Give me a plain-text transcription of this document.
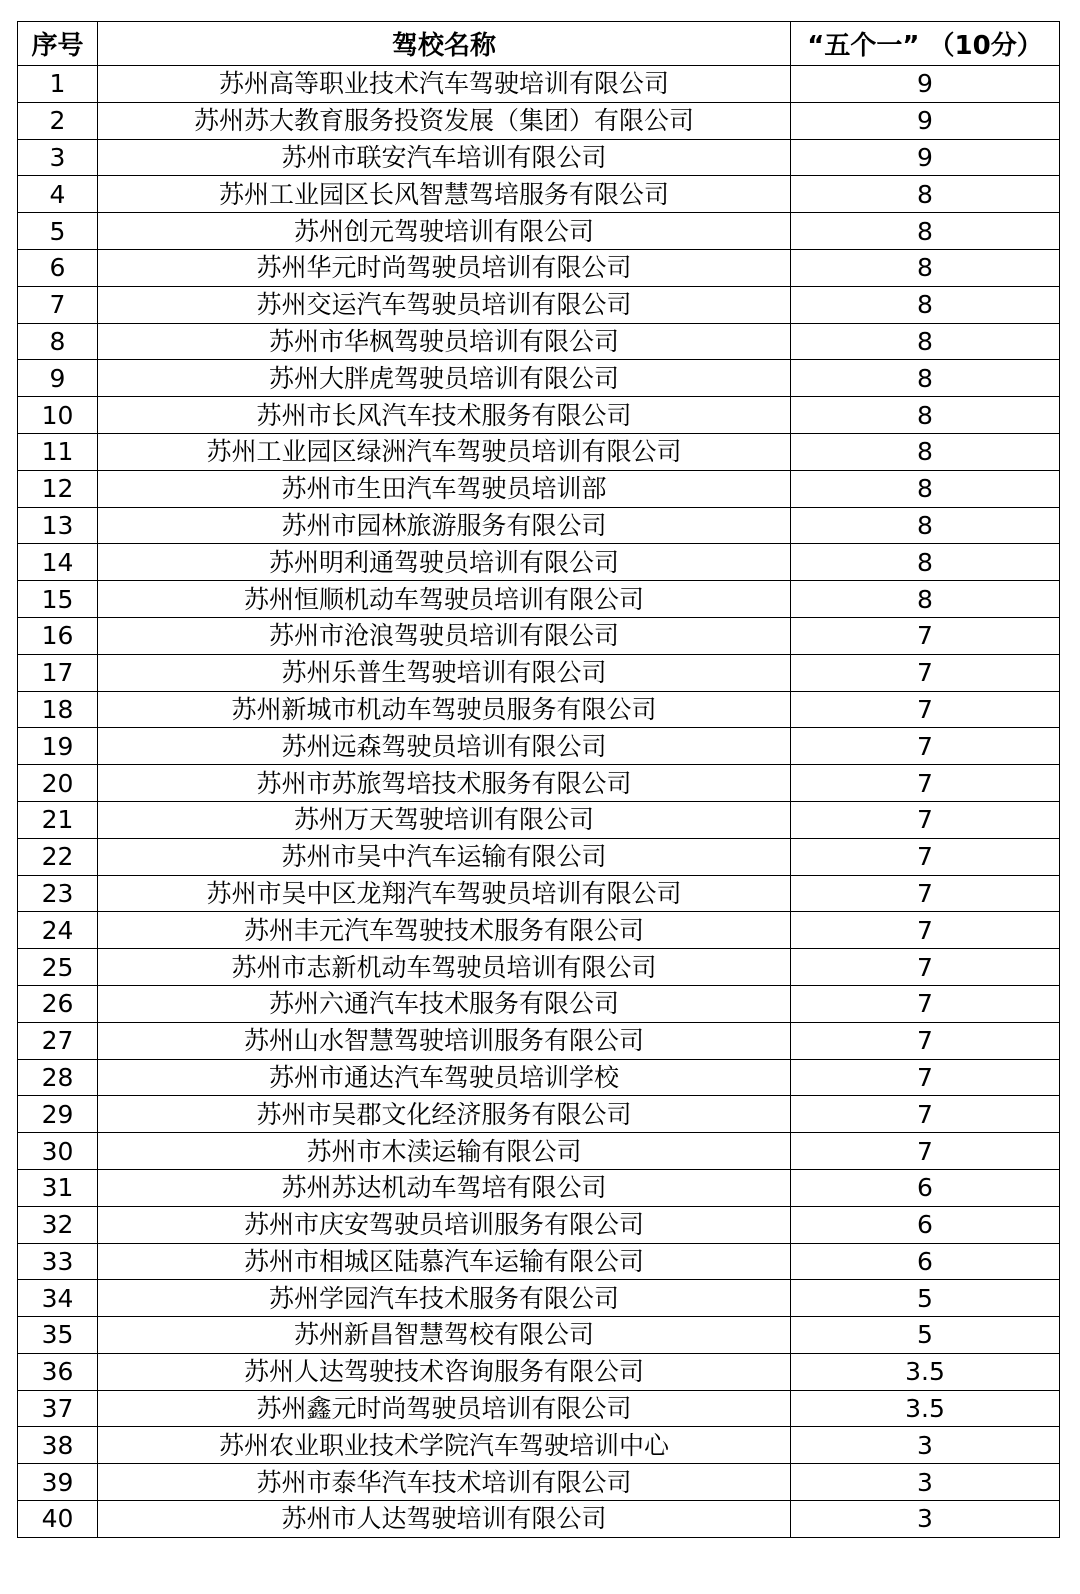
序号	驾校名称	“五个一” （10分）
1	苏州高等职业技术汽车驾驶培训有限公司	9
2	苏州苏大教育服务投资发展（集团）有限公司	9
3	苏州市联安汽车培训有限公司	9
4	苏州工业园区长风智慧驾培服务有限公司	8
5	苏州创元驾驶培训有限公司	8
6	苏州华元时尚驾驶员培训有限公司	8
7	苏州交运汽车驾驶员培训有限公司	8
8	苏州市华枫驾驶员培训有限公司	8
9	苏州大胖虎驾驶员培训有限公司	8
10	苏州市长风汽车技术服务有限公司	8
11	苏州工业园区绿洲汽车驾驶员培训有限公司	8
12	苏州市生田汽车驾驶员培训部	8
13	苏州市园林旅游服务有限公司	8
14	苏州明利通驾驶员培训有限公司	8
15	苏州恒顺机动车驾驶员培训有限公司	8
16	苏州市沧浪驾驶员培训有限公司	7
17	苏州乐普生驾驶培训有限公司	7
18	苏州新城市机动车驾驶员服务有限公司	7
19	苏州远森驾驶员培训有限公司	7
20	苏州市苏旅驾培技术服务有限公司	7
21	苏州万天驾驶培训有限公司	7
22	苏州市吴中汽车运输有限公司	7
23	苏州市吴中区龙翔汽车驾驶员培训有限公司	7
24	苏州丰元汽车驾驶技术服务有限公司	7
25	苏州市志新机动车驾驶员培训有限公司	7
26	苏州六通汽车技术服务有限公司	7
27	苏州山水智慧驾驶培训服务有限公司	7
28	苏州市通达汽车驾驶员培训学校	7
29	苏州市吴郡文化经济服务有限公司	7
30	苏州市木渎运输有限公司	7
31	苏州苏达机动车驾培有限公司	6
32	苏州市庆安驾驶员培训服务有限公司	6
33	苏州市相城区陆慕汽车运输有限公司	6
34	苏州学园汽车技术服务有限公司	5
35	苏州新昌智慧驾校有限公司	5
36	苏州人达驾驶技术咨询服务有限公司	3.5
37	苏州鑫元时尚驾驶员培训有限公司	3.5
38	苏州农业职业技术学院汽车驾驶培训中心	3
39	苏州市泰华汽车技术培训有限公司	3
40	苏州市人达驾驶培训有限公司	3
